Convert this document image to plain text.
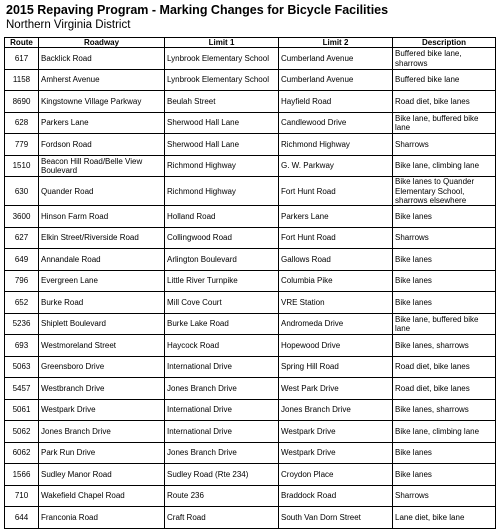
2015 Repaving Program - Marking Changes for Bicycle Facilities
Northern Virginia District
Route	Roadway	Limit 1	Limit 2	Description
617	Backlick Road	Lynbrook Elementary School	Cumberland Avenue	Buffered bike lane, sharrows
1158	Amherst Avenue	Lynbrook Elementary School	Cumberland Avenue	Buffered bike lane
8690	Kingstowne Village Parkway	Beulah Street	Hayfield Road	Road diet, bike lanes
628	Parkers Lane	Sherwood Hall Lane	Candlewood Drive	Bike lane, buffered bike lane
779	Fordson Road	Sherwood Hall Lane	Richmond Highway	Sharrows
1510	Beacon Hill Road/Belle View Boulevard	Richmond Highway	G. W. Parkway	Bike lane, climbing lane
630	Quander Road	Richmond Highway	Fort Hunt Road	Bike lanes to Quander Elementary School, sharrows elsewhere
3600	Hinson Farm Road	Holland Road	Parkers Lane	Bike lanes
627	Elkin Street/Riverside Road	Collingwood Road	Fort Hunt Road	Sharrows
649	Annandale Road	Arlington Boulevard	Gallows Road	Bike lanes
796	Evergreen Lane	Little River Turnpike	Columbia Pike	Bike lanes
652	Burke Road	Mill Cove Court	VRE Station	Bike lanes
5236	Shiplett Boulevard	Burke Lake Road	Andromeda Drive	Bike lane, buffered bike lane
693	Westmoreland Street	Haycock Road	Hopewood Drive	Bike lanes, sharrows
5063	Greensboro Drive	International Drive	Spring Hill Road	Road diet, bike lanes
5457	Westbranch Drive	Jones Branch Drive	West Park Drive	Road diet, bike lanes
5061	Westpark Drive	International Drive	Jones Branch Drive	Bike lanes, sharrows
5062	Jones Branch Drive	International Drive	Westpark Drive	Bike lane, climbing lane
6062	Park Run Drive	Jones Branch Drive	Westpark Drive	Bike lanes
1566	Sudley Manor Road	Sudley Road (Rte 234)	Croydon Place	Bike lanes
710	Wakefield Chapel Road	Route 236	Braddock Road	Sharrows
644	Franconia Road	Craft Road	South Van Dorn Street	Lane diet, bike lane
